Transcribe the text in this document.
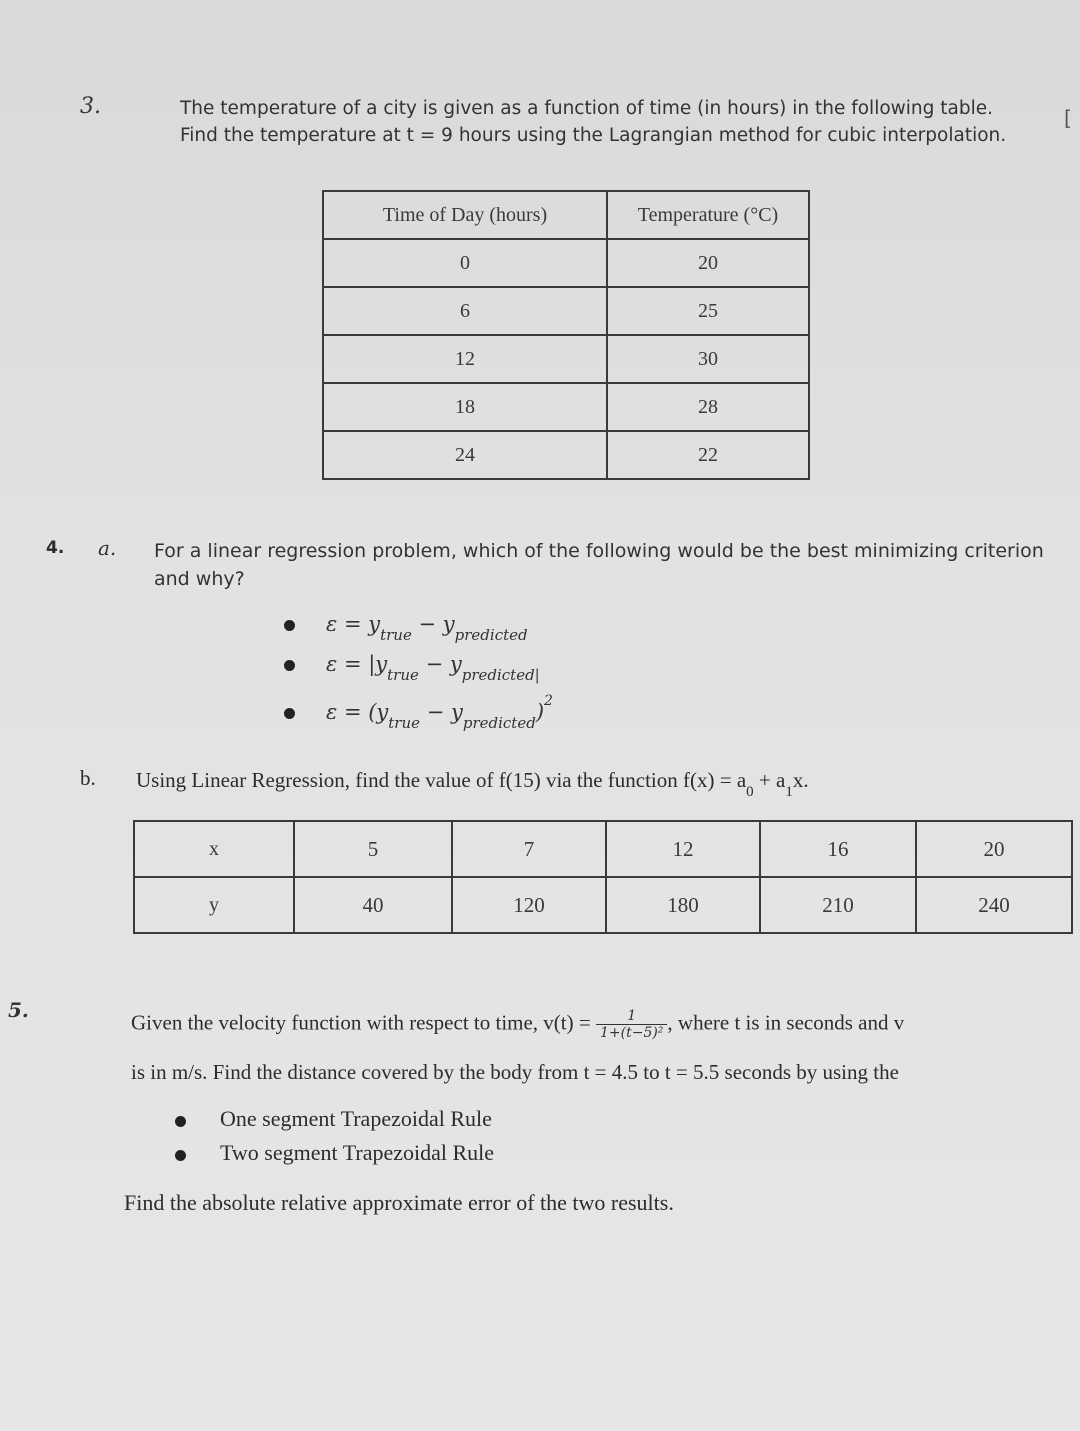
3.	The temperature of a city is given as a function of time (in hours) in the following table. Find the temperature at t = 9 hours using the Lagrangian method for cubic interpolation.
[
Time of Day (hours)	Temperature (°C)
0	20
6	25
12	30
18	28
24	22
4. a. For a linear regression problem, which of the following would be the best minimizing criterion and why?
$\varepsilon = y_{true} - y_{predicted}$
$\varepsilon = |y_{true} - y_{predicted|}$
$\varepsilon = (y_{true} - y_{predicted})^2$
b. Using Linear Regression, find the value of f(15) via the function $f(x) = a_0 + a_1x$.
x	5	7	12	16	20
y	40	120	180	210	240
5.
Given the velocity function with respect to time, $v(t) = \frac{1}{\text{1+(t−5)²}}$ , where t is in seconds and v
is in m/s. Find the distance covered by the body from t = 4.5 to t = 5.5 seconds by using the
One segment Trapezoidal Rule
Two segment Trapezoidal Rule
Find the absolute relative approximate error of the two results.
